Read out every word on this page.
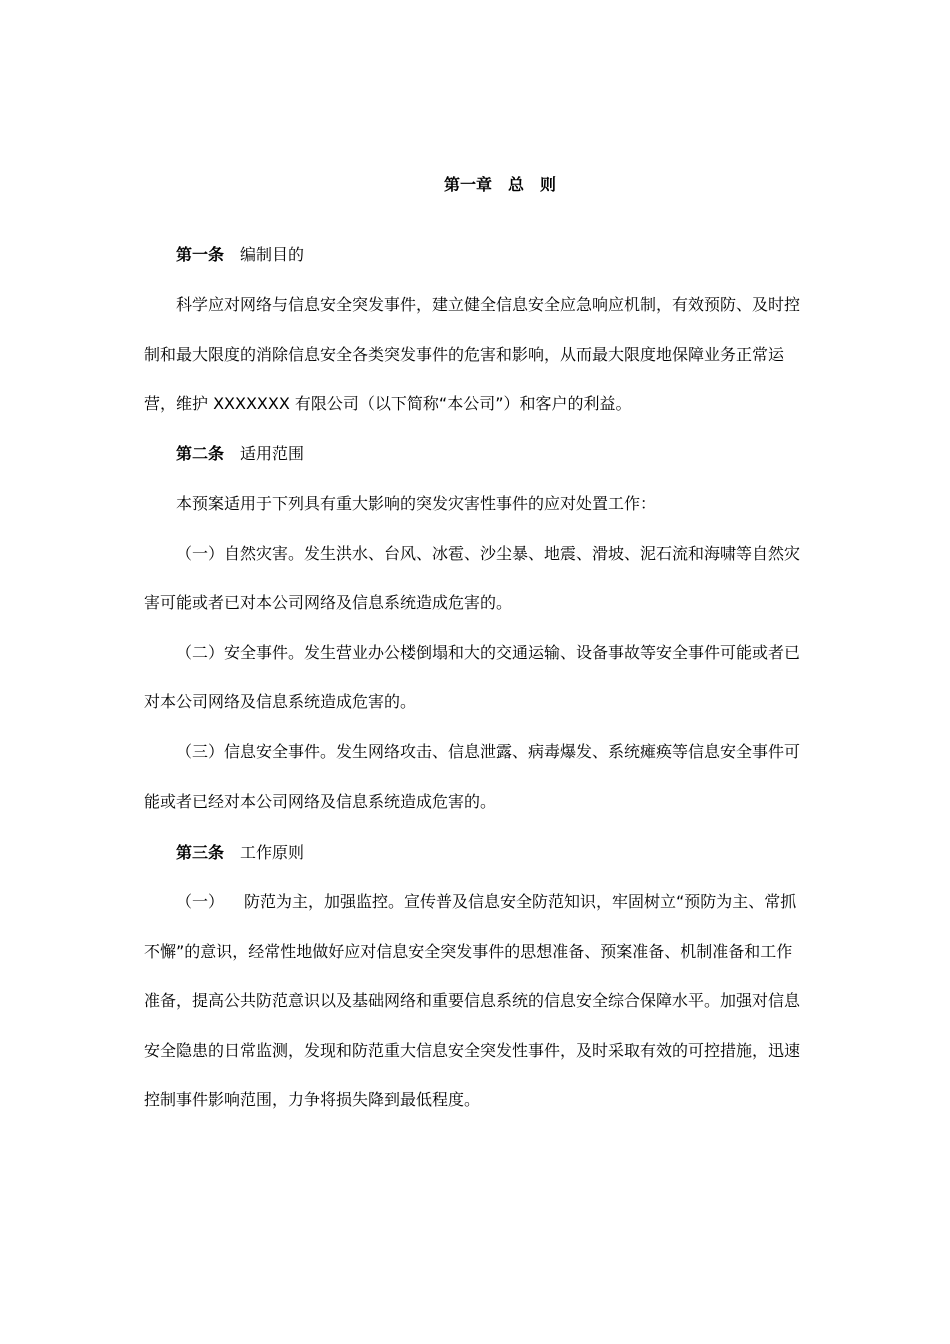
第一章　总　则
第一条 编制目的

科学应对网络与信息安全突发事件，建立健全信息安全应急响应机制，有效预防、及时控制和最大限度的消除信息安全各类突发事件的危害和影响，从而最大限度地保障业务正常运营，维护 XXXXXXX 有限公司（以下简称“本公司”）和客户的利益。

第二条 适用范围

本预案适用于下列具有重大影响的突发灾害性事件的应对处置工作：

（一）自然灾害。发生洪水、台风、冰雹、沙尘暴、地震、滑坡、泥石流和海啸等自然灾害可能或者已对本公司网络及信息系统造成危害的。

（二）安全事件。发生营业办公楼倒塌和大的交通运输、设备事故等安全事件可能或者已对本公司网络及信息系统造成危害的。

（三）信息安全事件。发生网络攻击、信息泄露、病毒爆发、系统瘫痪等信息安全事件可能或者已经对本公司网络及信息系统造成危害的。

第三条 工作原则

（一） 防范为主，加强监控。宣传普及信息安全防范知识，牢固树立“预防为主、常抓不懈”的意识，经常性地做好应对信息安全突发事件的思想准备、预案准备、机制准备和工作准备，提高公共防范意识以及基础网络和重要信息系统的信息安全综合保障水平。加强对信息安全隐患的日常监测，发现和防范重大信息安全突发性事件，及时采取有效的可控措施，迅速控制事件影响范围，力争将损失降到最低程度。
